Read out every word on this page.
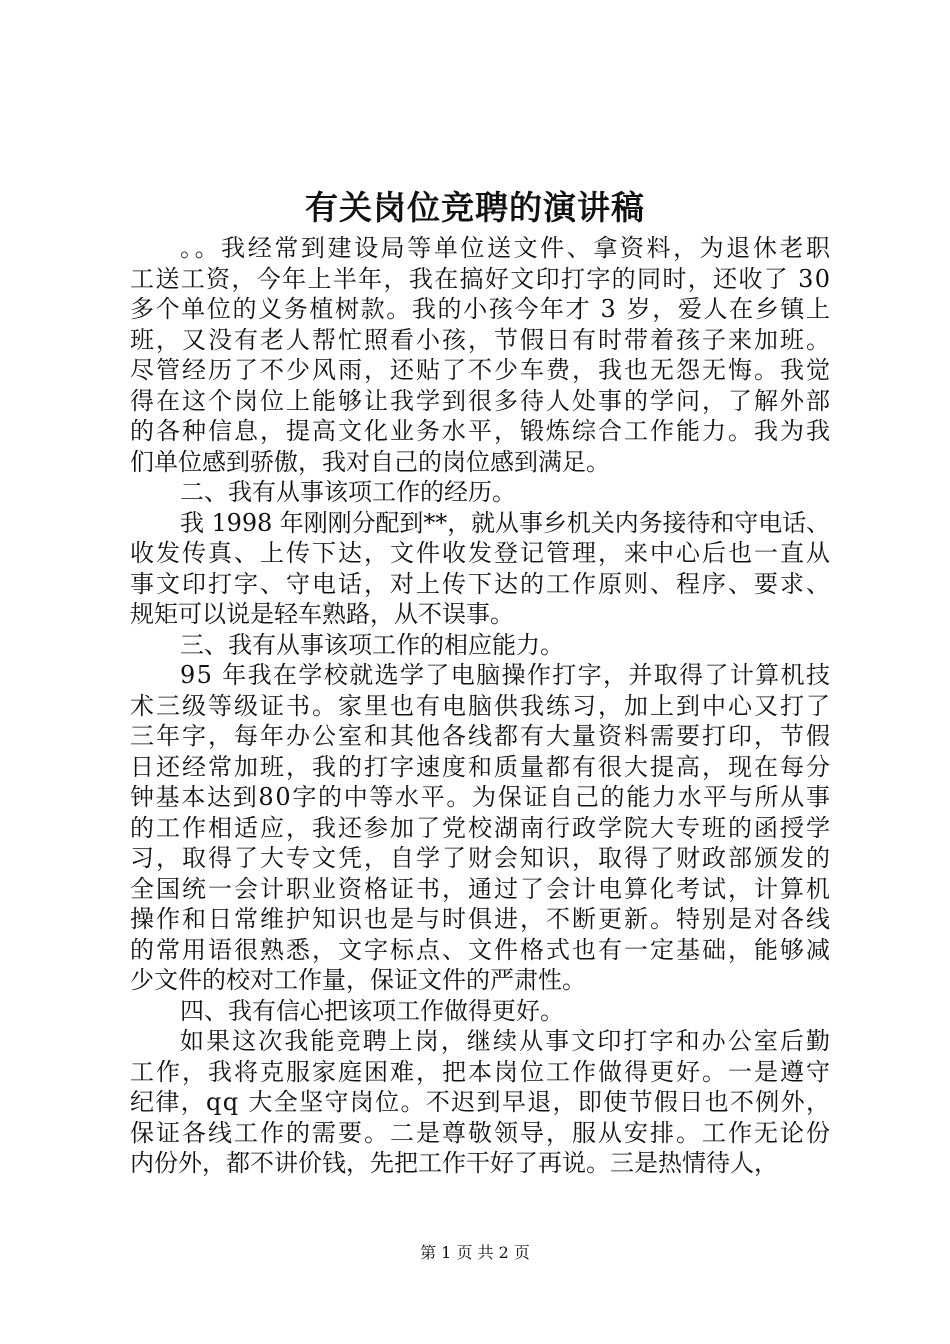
有关岗位竞聘的演讲稿
。。我经常到建设局等单位送文件、拿资料，为退休老职
工送工资，今年上半年，我在搞好文印打字的同时，还收了 30
多个单位的义务植树款。我的小孩今年才 3 岁，爱人在乡镇上
班，又没有老人帮忙照看小孩，节假日有时带着孩子来加班。
尽管经历了不少风雨，还贴了不少车费，我也无怨无悔。我觉
得在这个岗位上能够让我学到很多待人处事的学问，了解外部
的各种信息，提高文化业务水平，锻炼综合工作能力。我为我
们单位感到骄傲，我对自己的岗位感到满足。
二、我有从事该项工作的经历。
我 1998 年刚刚分配到**，就从事乡机关内务接待和守电话、
收发传真、上传下达，文件收发登记管理，来中心后也一直从
事文印打字、守电话，对上传下达的工作原则、程序、要求、
规矩可以说是轻车熟路，从不误事。
三、我有从事该项工作的相应能力。
95 年我在学校就选学了电脑操作打字，并取得了计算机技
术三级等级证书。家里也有电脑供我练习，加上到中心又打了
三年字，每年办公室和其他各线都有大量资料需要打印，节假
日还经常加班，我的打字速度和质量都有很大提高，现在每分
钟基本达到80字的中等水平。为保证自己的能力水平与所从事
的工作相适应，我还参加了党校湖南行政学院大专班的函授学
习，取得了大专文凭，自学了财会知识，取得了财政部颁发的
全国统一会计职业资格证书，通过了会计电算化考试，计算机
操作和日常维护知识也是与时俱进，不断更新。特别是对各线
的常用语很熟悉，文字标点、文件格式也有一定基础，能够减
少文件的校对工作量，保证文件的严肃性。
四、我有信心把该项工作做得更好。
如果这次我能竞聘上岗，继续从事文印打字和办公室后勤
工作，我将克服家庭困难，把本岗位工作做得更好。一是遵守
纪律，qq 大全坚守岗位。不迟到早退，即使节假日也不例外，
保证各线工作的需要。二是尊敬领导，服从安排。工作无论份
内份外，都不讲价钱，先把工作干好了再说。三是热情待人，
第 1 页 共 2 页
